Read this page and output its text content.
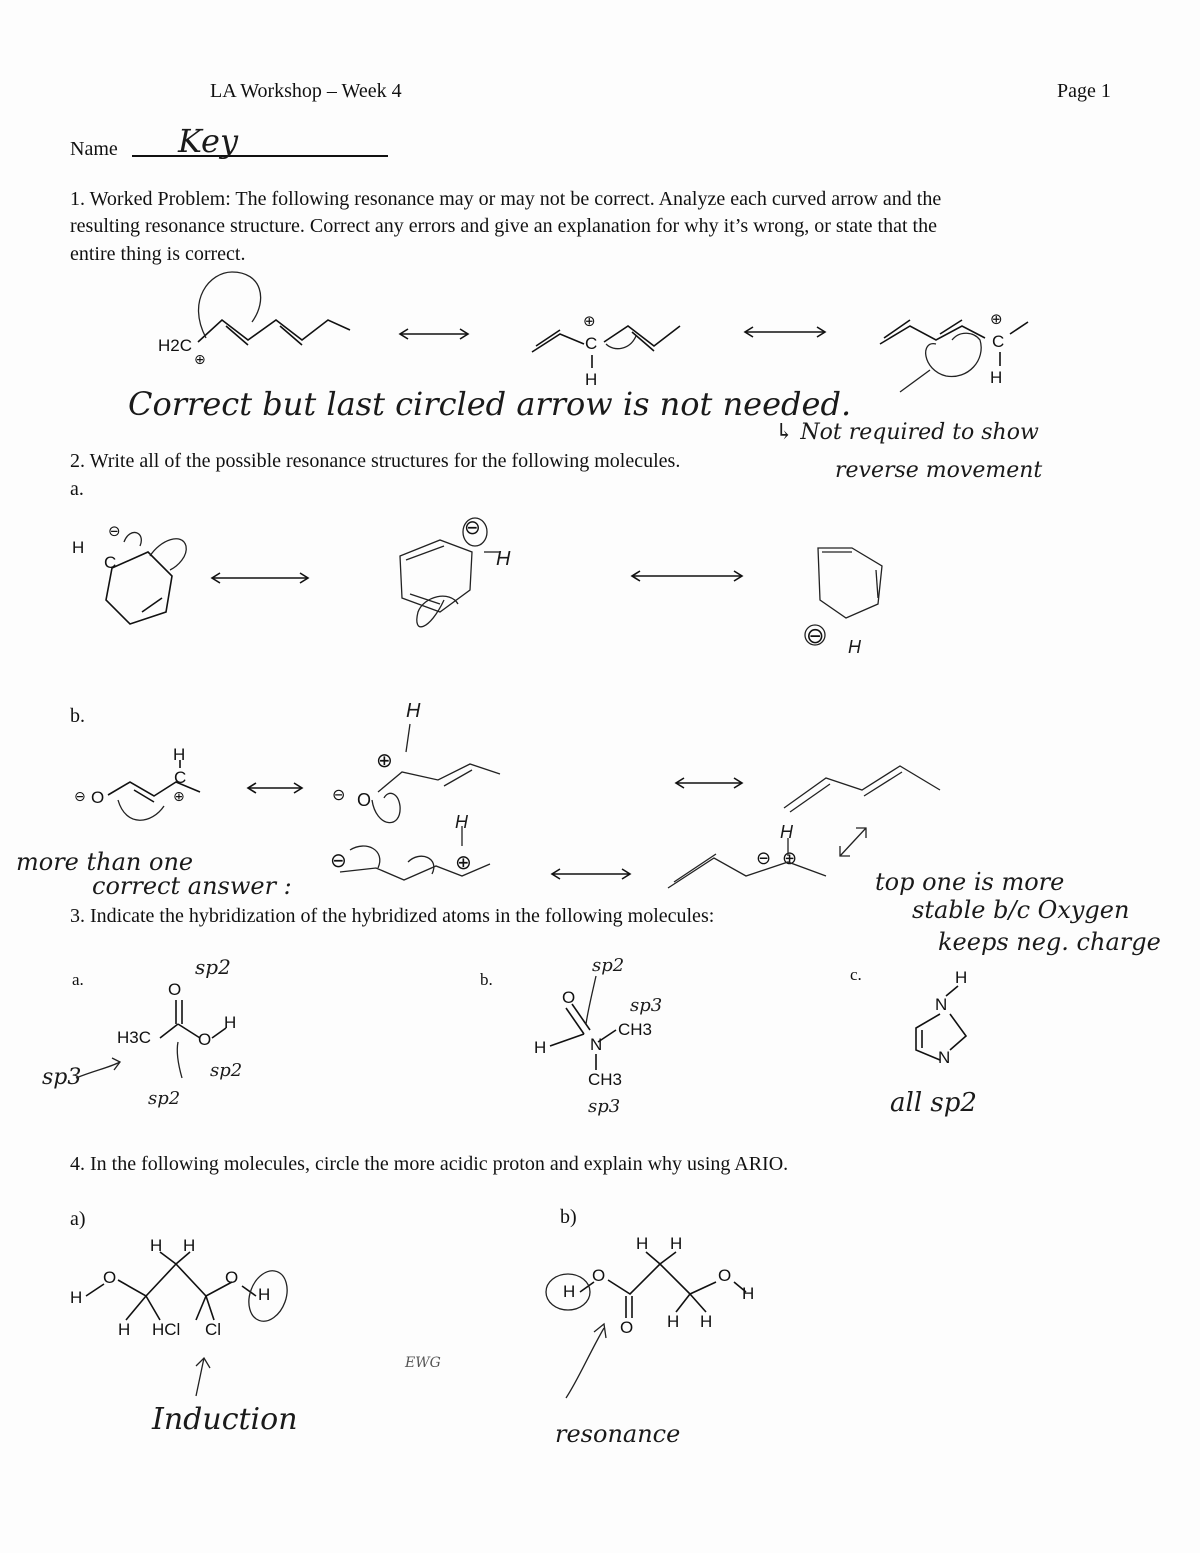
LA Workshop – Week 4	Page 1
Name Key
1. Worked Problem: The following resonance may or may not be correct. Analyze each curved arrow and the
resulting resonance structure. Correct any errors and give an explanation for why it’s wrong, or state that the
entire thing is correct.
H2C
⊕
⊕
C
H
⊕
C
H
Correct but last circled arrow is not needed.
↳ Not required to show
reverse movement
2. Write all of the possible resonance structures for the following molecules.
a.
H
C
⊖
H
⊖
⊖ H
b.
H
C
O
⊖	⊕
H
⊕
O
⊖
H
⊖	⊕
H
⊕
⊖
more than one
correct answer :	top one is more
stable b/c Oxygen
keeps neg. charge
3. Indicate the hybridization of the hybridized atoms in the following molecules:
a.	b.	c.
O
H3C	O
H
sp2
sp3
sp2
sp2
O
H	N
CH3
CH3
sp2
sp3
sp3
H
N
N
all sp2
4. In the following molecules, circle the more acidic proton and explain why using ARIO.
a)	b)
H H
H
O	O
H
H HCl Cl
Induction
EWG
H H
H
O	O
H
O H H
resonance
